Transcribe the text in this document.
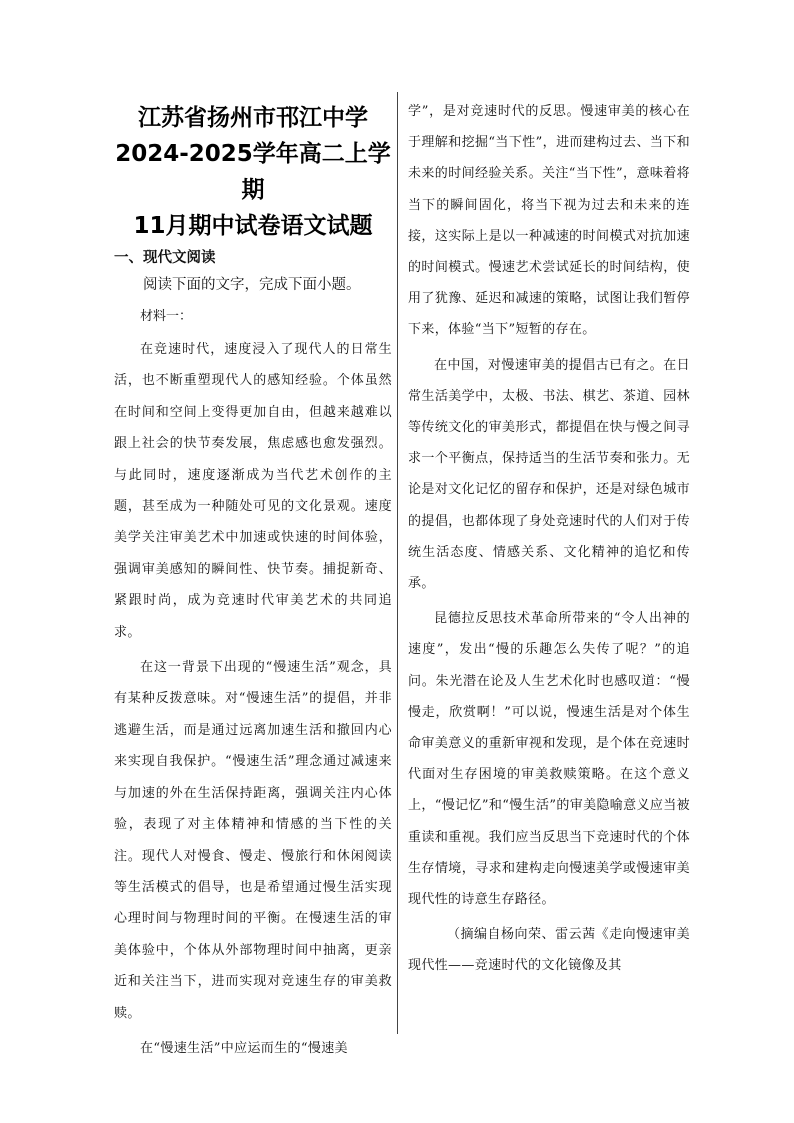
江苏省扬州市邗江中学
2024-2025学年高二上学期
11月期中试卷语文试题
一、现代文阅读
阅读下面的文字，完成下面小题。
材料一：

在竞速时代，速度浸入了现代人的日常生活，也不断重塑现代人的感知经验。个体虽然在时间和空间上变得更加自由，但越来越难以跟上社会的快节奏发展，焦虑感也愈发强烈。与此同时，速度逐渐成为当代艺术创作的主题，甚至成为一种随处可见的文化景观。速度美学关注审美艺术中加速或快速的时间体验，强调审美感知的瞬间性、快节奏。捕捉新奇、紧跟时尚，成为竞速时代审美艺术的共同追求。

在这一背景下出现的“慢速生活”观念，具有某种反拨意味。对“慢速生活”的提倡，并非逃避生活，而是通过远离加速生活和撤回内心来实现自我保护。“慢速生活”理念通过减速来与加速的外在生活保持距离，强调关注内心体验，表现了对主体精神和情感的当下性的关注。现代人对慢食、慢走、慢旅行和休闲阅读等生活模式的倡导，也是希望通过慢生活实现心理时间与物理时间的平衡。在慢速生活的审美体验中，个体从外部物理时间中抽离，更亲近和关注当下，进而实现对竞速生存的审美救赎。

在“慢速生活”中应运而生的“慢速美

学”，是对竞速时代的反思。慢速审美的核心在于理解和挖掘“当下性”，进而建构过去、当下和未来的时间经验关系。关注“当下性”，意味着将当下的瞬间固化，将当下视为过去和未来的连接，这实际上是以一种减速的时间模式对抗加速的时间模式。慢速艺术尝试延长的时间结构，使用了犹豫、延迟和减速的策略，试图让我们暂停下来，体验“当下”短暂的存在。

在中国，对慢速审美的提倡古已有之。在日常生活美学中，太极、书法、棋艺、茶道、园林等传统文化的审美形式，都提倡在快与慢之间寻求一个平衡点，保持适当的生活节奏和张力。无论是对文化记忆的留存和保护，还是对绿色城市的提倡，也都体现了身处竞速时代的人们对于传统生活态度、情感关系、文化精神的追忆和传承。

昆德拉反思技术革命所带来的“令人出神的速度”，发出“慢的乐趣怎么失传了呢？”的追问。朱光潜在论及人生艺术化时也感叹道：“慢慢走，欣赏啊！”可以说，慢速生活是对个体生命审美意义的重新审视和发现，是个体在竞速时代面对生存困境的审美救赎策略。在这个意义上，“慢记忆”和“慢生活”的审美隐喻意义应当被重读和重视。我们应当反思当下竞速时代的个体生存情境，寻求和建构走向慢速美学或慢速审美现代性的诗意生存路径。

（摘编自杨向荣、雷云茜《走向慢速审美现代性——竞速时代的文化镜像及其
